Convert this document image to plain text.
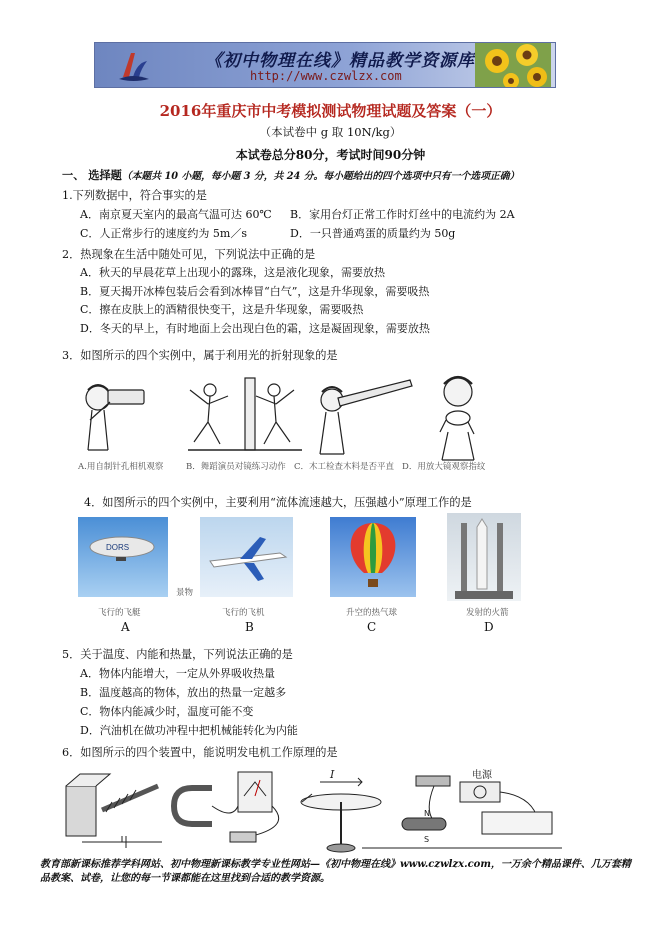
《初中物理在线》精品教学资源库
http://www.czwlzx.com
2016年重庆市中考模拟测试物理试题及答案（一）
（本试卷中 g 取 10N/kg）
本试卷总分80分，考试时间90分钟
一、 选择题（本题共 10 小题，每小题 3 分，共 24 分。每小题给出的四个选项中只有一个选项正确）
1.下列数据中，符合事实的是
A．南京夏天室内的最高气温可达 60℃ B．家用台灯正常工作时灯丝中的电流约为 2A
C．人正常步行的速度约为 5m／s	D．一只普通鸡蛋的质量约为 50g
2．热现象在生活中随处可见，下列说法中正确的是
A．秋天的早晨花草上出现小的露珠，这是液化现象，需要放热
B．夏天揭开冰棒包装后会看到冰棒冒“白气”，这是升华现象，需要吸热
C．擦在皮肤上的酒精很快变干，这是升华现象，需要吸热
D．冬天的早上，有时地面上会出现白色的霜，这是凝固现象，需要放热
3．如图所示的四个实例中，属于利用光的折射现象的是
A.用自制针孔相机观察	B．舞蹈演员对镜练习动作 C．木工检查木料是否平直 D．用放大镜观察指纹
4．如图所示的四个实例中，主要利用“流体流速越大，压强越小”原理工作的是
DORS
景物
飞行的飞艇	飞行的飞机	升空的热气球	发射的火箭
A	B	C	D
5．关于温度、内能和热量，下列说法正确的是
A．物体内能增大，一定从外界吸收热量
B．温度越高的物体，放出的热量一定越多
C．物体内能减少时，温度可能不变
D．汽油机在做功冲程中把机械能转化为内能
6．如图所示的四个装置中，能说明发电机工作原理的是
I	电源
N
S
教育部新课标推荐学科网站、初中物理新课标教学专业性网站—《初中物理在线》www.czwlzx.com，一万余个精品课件、几万套精品教案、试卷，让您的每一节课都能在这里找到合适的教学资源。
